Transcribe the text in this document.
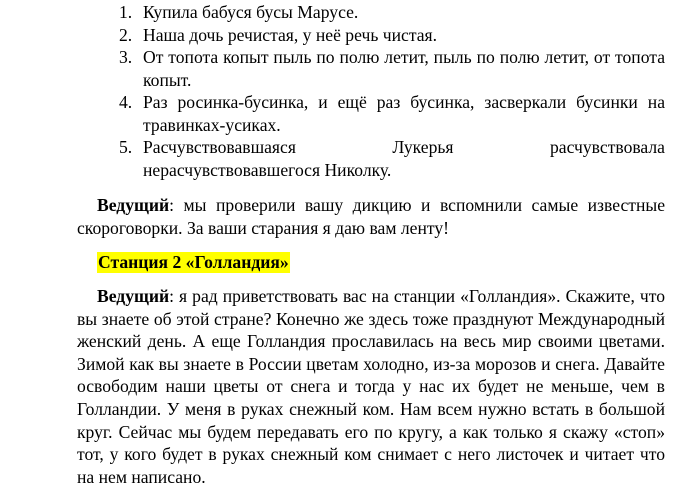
1. Купила бабуся бусы Марусе.
2. Наша дочь речистая, у неё речь чистая.
3. От топота копыт пыль по полю летит, пыль по полю летит, от топота копыт.
4. Раз росинка-бусинка, и ещё раз бусинка, засверкали бусинки на травинках-усиках.
5. Расчувствовавшаяся Лукерья расчувствовала
нерасчувствовавшегося Николку.

Ведущий: мы проверили вашу дикцию и вспомнили самые известные скороговорки. За ваши старания я даю вам ленту!

Станция 2 «Голландия»

Ведущий: я рад приветствовать вас на станции «Голландия». Скажите, что вы знаете об этой стране? Конечно же здесь тоже празднуют Международный женский день. А еще Голландия прославилась на весь мир своими цветами. Зимой как вы знаете в России цветам холодно, из-за морозов и снега. Давайте освободим наши цветы от снега и тогда у нас их будет не меньше, чем в Голландии. У меня в руках снежный ком. Нам всем нужно встать в большой круг. Сейчас мы будем передавать его по кругу, а как только я скажу «стоп» тот, у кого будет в руках снежный ком снимает с него листочек и читает что на нем написано.
